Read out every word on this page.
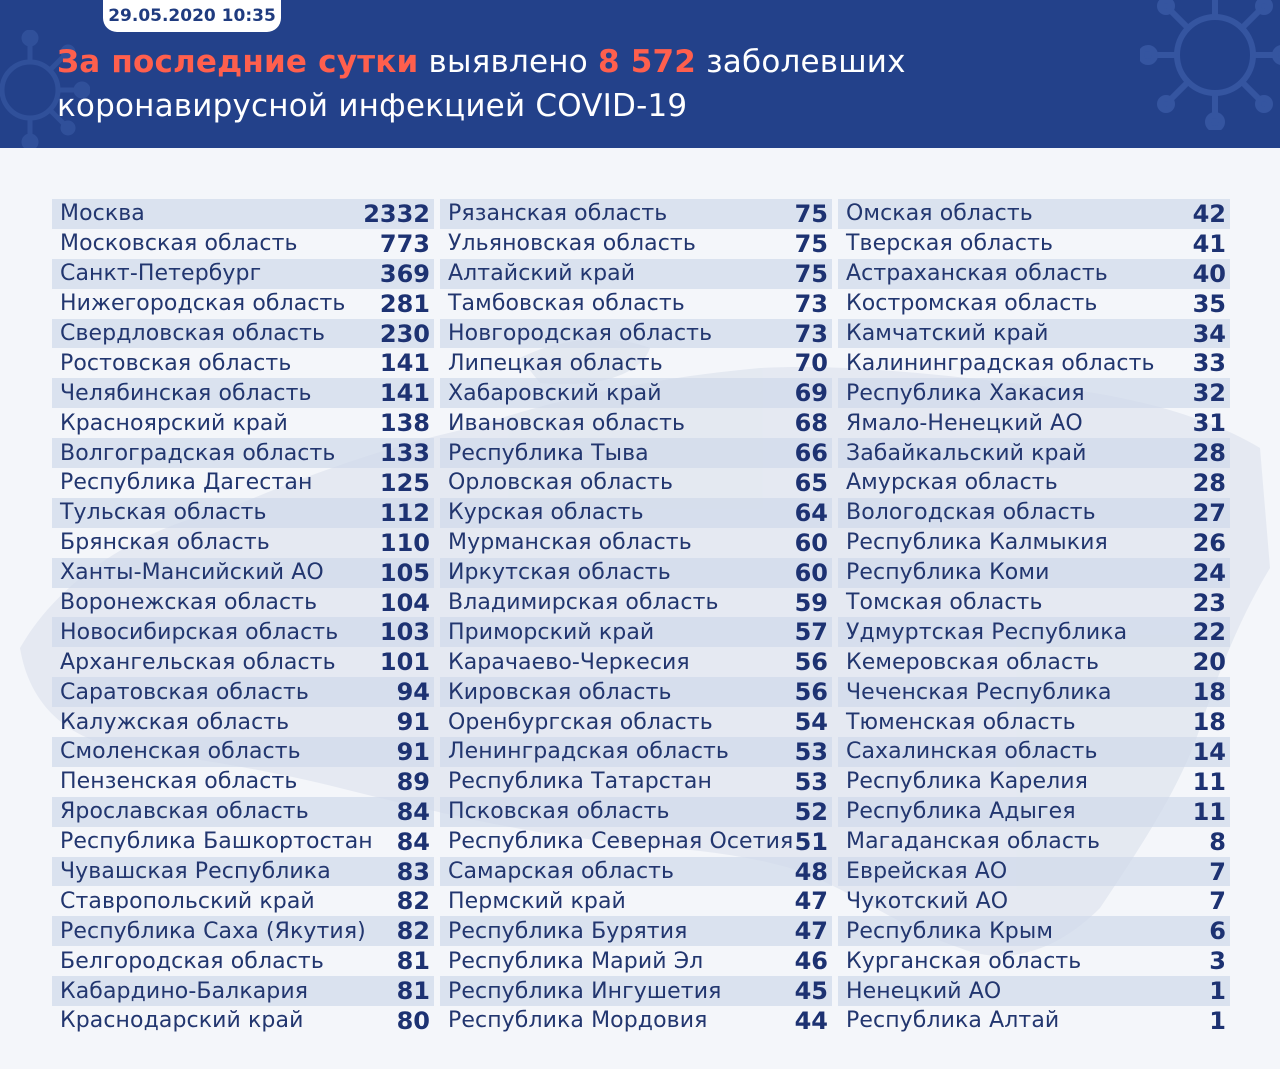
29.05.2020 10:35
За последние сутки выявлено 8 572 заболевших
коронавирусной инфекцией COVID-19
Москва	2332 Рязанская область	75 Омская область	42
Московская область	773 Ульяновская область	75 Тверская область	41
Санкт-Петербург	369 Алтайский край	75 Астраханская область	40
Нижегородская область 281 Тамбовская область	73 Костромская область	35
Свердловская область 230 Новгородская область	73 Камчатский край	34
Ростовская область	141 Липецкая область	70 Калининградская область 33
Челябинская область	141 Хабаровский край	69 Республика Хакасия	32
Красноярский край	138 Ивановская область	68 Ямало-Ненецкий АО	31
Волгоградская область 133 Республика Тыва	66 Забайкальский край	28
Республика Дагестан	125 Орловская область	65 Амурская область	28
Тульская область	112 Курская область	64 Вологодская область	27
Брянская область	110 Мурманская область	60 Республика Калмыкия	26
Ханты-Мансийский АО 105 Иркутская область	60 Республика Коми	24
Воронежская область	104 Владимирская область	59 Томская область	23
Новосибирская область 103 Приморский край	57 Удмуртская Республика	22
Архангельская область 101 Карачаево-Черкесия	56 Кемеровская область	20
Саратовская область	94 Кировская область	56 Чеченская Республика	18
Калужская область	91 Оренбургская область	54 Тюменская область	18
Смоленская область	91 Ленинградская область	53 Сахалинская область	14
Пензенская область	89 Республика Татарстан	53 Республика Карелия	11
Ярославская область	84 Псковская область	52 Республика Адыгея	11
Республика Башкортостан 84 Республика Северная Осетия 51 Магаданская область	8
Чувашская Республика	83 Самарская область	48 Еврейская АО	7
Ставропольский край	82 Пермский край	47 Чукотский АО	7
Республика Саха (Якутия) 82 Республика Бурятия	47 Республика Крым	6
Белгородская область	81 Республика Марий Эл	46 Курганская область	3
Кабардино-Балкария	81 Республика Ингушетия	45 Ненецкий АО	1
Краснодарский край	80 Республика Мордовия	44 Республика Алтай	1
